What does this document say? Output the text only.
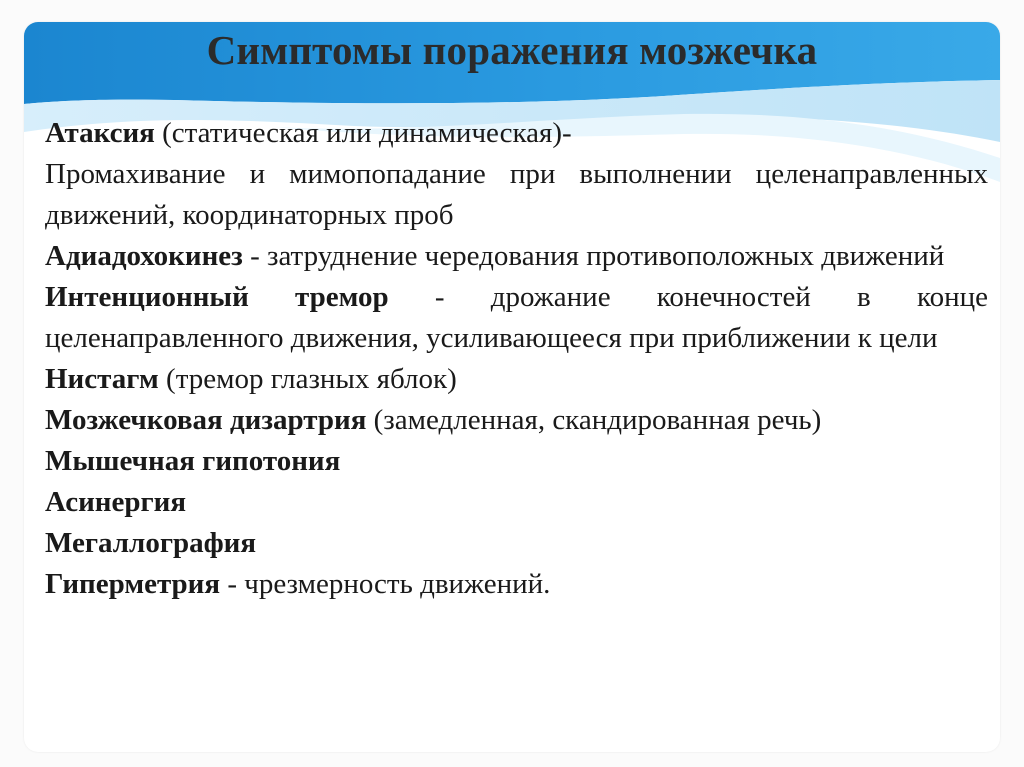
Симптомы поражения мозжечка

Атаксия (статическая или динамическая)-

Промахивание и мимопопадание при выполнении целенаправленных движений, координаторных проб

Адиадохокинез - затруднение чередования противоположных движений

Интенционный тремор - дрожание конечностей в конце целенаправленного движения, усиливающееся при приближении к цели

Нистагм (тремор глазных яблок)

Мозжечковая дизартрия (замедленная, скандированная речь)

Мышечная гипотония

Асинергия

Мегаллография

Гиперметрия - чрезмерность движений.
